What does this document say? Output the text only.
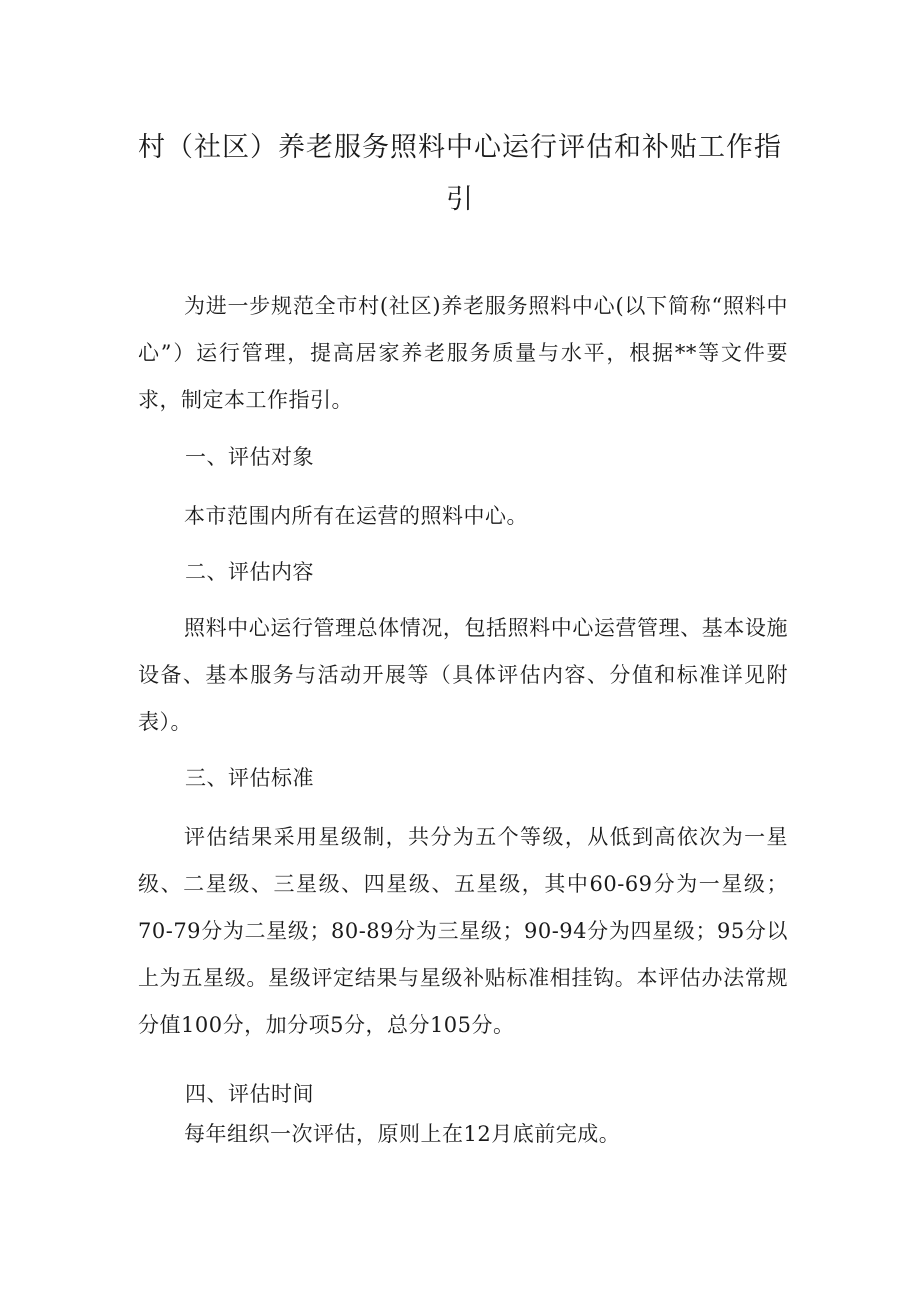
村（社区）养老服务照料中心运行评估和补贴工作指引

为进一步规范全市村(社区)养老服务照料中心(以下简称“照料中心”）运行管理，提高居家养老服务质量与水平，根据**等文件要求，制定本工作指引。

一、评估对象

本市范围内所有在运营的照料中心。

二、评估内容

照料中心运行管理总体情况，包括照料中心运营管理、基本设施设备、基本服务与活动开展等（具体评估内容、分值和标准详见附表）。

三、评估标准

评估结果采用星级制，共分为五个等级，从低到高依次为一星级、二星级、三星级、四星级、五星级，其中60-69分为一星级；70-79分为二星级；80-89分为三星级；90-94分为四星级；95分以上为五星级。星级评定结果与星级补贴标准相挂钩。本评估办法常规分值100分，加分项5分，总分105分。

四、评估时间

每年组织一次评估，原则上在12月底前完成。
